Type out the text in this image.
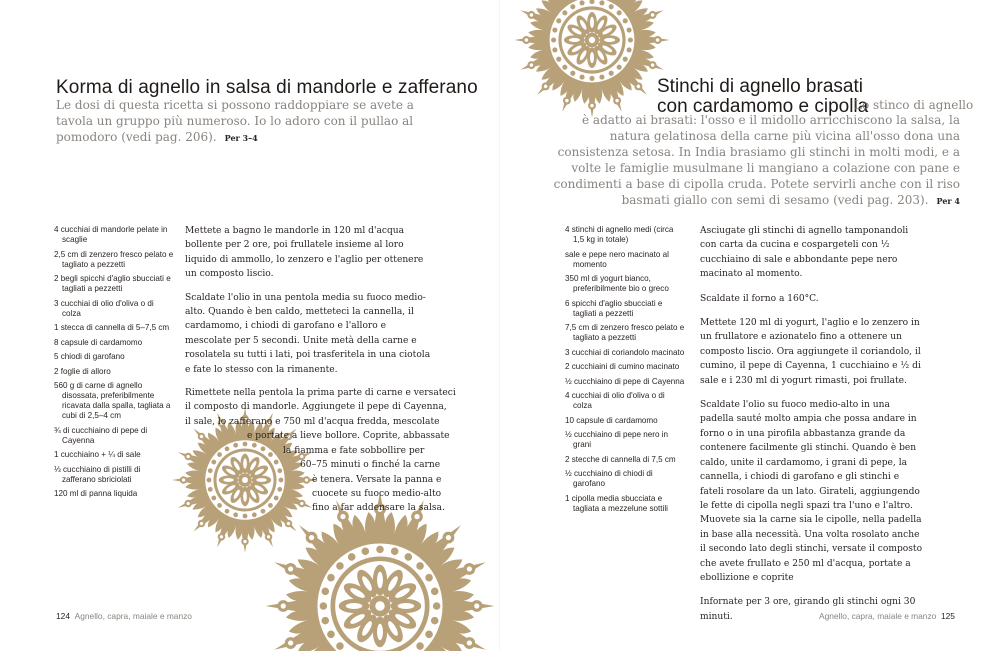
Korma di agnello in salsa di mandorle e zafferano
Le dosi di questa ricetta si possono raddoppiare se avete a tavola un gruppo più numeroso. Io lo adoro con il pullao al pomodoro (vedi pag. 206). Per 3–4
4 cucchiai di mandorle pelate in scaglie
2,5 cm di zenzero fresco pelato e tagliato a pezzetti
2 begli spicchi d'aglio sbucciati e tagliati a pezzetti
3 cucchiai di olio d'oliva o di colza
1 stecca di cannella di 5–7,5 cm
8 capsule di cardamomo
5 chiodi di garofano
2 foglie di alloro
560 g di carne di agnello disossata, preferibilmente ricavata dalla spalla, tagliata a cubi di 2,5–4 cm
¾ di cucchiaino di pepe di Cayenna
1 cucchiaino + ¼ di sale
⅓ cucchiaino di pistilli di zafferano sbriciolati
120 ml di panna liquida

Mettete a bagno le mandorle in 120 ml d'acqua bollente per 2 ore, poi frullatele insieme al loro liquido di ammollo, lo zenzero e l'aglio per ottenere un composto liscio.

Scaldate l'olio in una pentola media su fuoco medio-alto. Quando è ben caldo, metteteci la cannella, il cardamomo, i chiodi di garofano e l'alloro e mescolate per 5 secondi. Unite metà della carne e rosolatela su tutti i lati, poi trasferitela in una ciotola e fate lo stesso con la rimanente.

Rimettete nella pentola la prima parte di carne e versateci
il composto di mandorle. Aggiungete il pepe di Cayenna,
il sale, lo zafferano e 750 ml d'acqua fredda, mescolate
e portate a lieve bollore. Coprite, abbassate
la fiamma e fate sobbollire per
60–75 minuti o finché la carne
è tenera. Versate la panna e
cuocete su fuoco medio-alto
fino a far addensare la salsa.

124 Agnello, capra, maiale e manzo
Stinchi di agnello brasati
con cardamomo e cipolla
Lo stinco di agnello
è adatto ai brasati: l'osso e il midollo arricchiscono la salsa, la natura gelatinosa della carne più vicina all'osso dona una consistenza setosa. In India brasiamo gli stinchi in molti modi, e a volte le famiglie musulmane li mangiano a colazione con pane e condimenti a base di cipolla cruda. Potete servirli anche con il riso basmati giallo con semi di sesamo (vedi pag. 203). Per 4
4 stinchi di agnello medi (circa 1,5 kg in totale)
sale e pepe nero macinato al momento
350 ml di yogurt bianco, preferibilmente bio o greco
6 spicchi d'aglio sbucciati e tagliati a pezzetti
7,5 cm di zenzero fresco pelato e tagliato a pezzetti
3 cucchiai di coriandolo macinato
2 cucchiaini di cumino macinato
½ cucchiaino di pepe di Cayenna
4 cucchiai di olio d'oliva o di colza
10 capsule di cardamomo
½ cucchiaino di pepe nero in grani
2 stecche di cannella di 7,5 cm
½ cucchiaino di chiodi di garofano
1 cipolla media sbucciata e tagliata a mezzelune sottili

Asciugate gli stinchi di agnello tamponandoli con carta da cucina e cospargeteli con ½ cucchiaino di sale e abbondante pepe nero macinato al momento.

Scaldate il forno a 160°C.

Mettete 120 ml di yogurt, l'aglio e lo zenzero in un frullatore e azionatelo fino a ottenere un composto liscio. Ora aggiungete il coriandolo, il cumino, il pepe di Cayenna, 1 cucchiaino e ½ di sale e i 230 ml di yogurt rimasti, poi frullate.

Scaldate l'olio su fuoco medio-alto in una padella sauté molto ampia che possa andare in forno o in una pirofila abbastanza grande da contenere facilmente gli stinchi. Quando è ben caldo, unite il cardamomo, i grani di pepe, la cannella, i chiodi di garofano e gli stinchi e fateli rosolare da un lato. Girateli, aggiungendo le fette di cipolla negli spazi tra l'uno e l'altro. Muovete sia la carne sia le cipolle, nella padella in base alla necessità. Una volta rosolato anche il secondo lato degli stinchi, versate il composto che avete frullato e 250 ml d'acqua, portate a ebollizione e coprite

Infornate per 3 ore, girando gli stinchi ogni 30 minuti.	Agnello, capra, maiale e manzo 125
